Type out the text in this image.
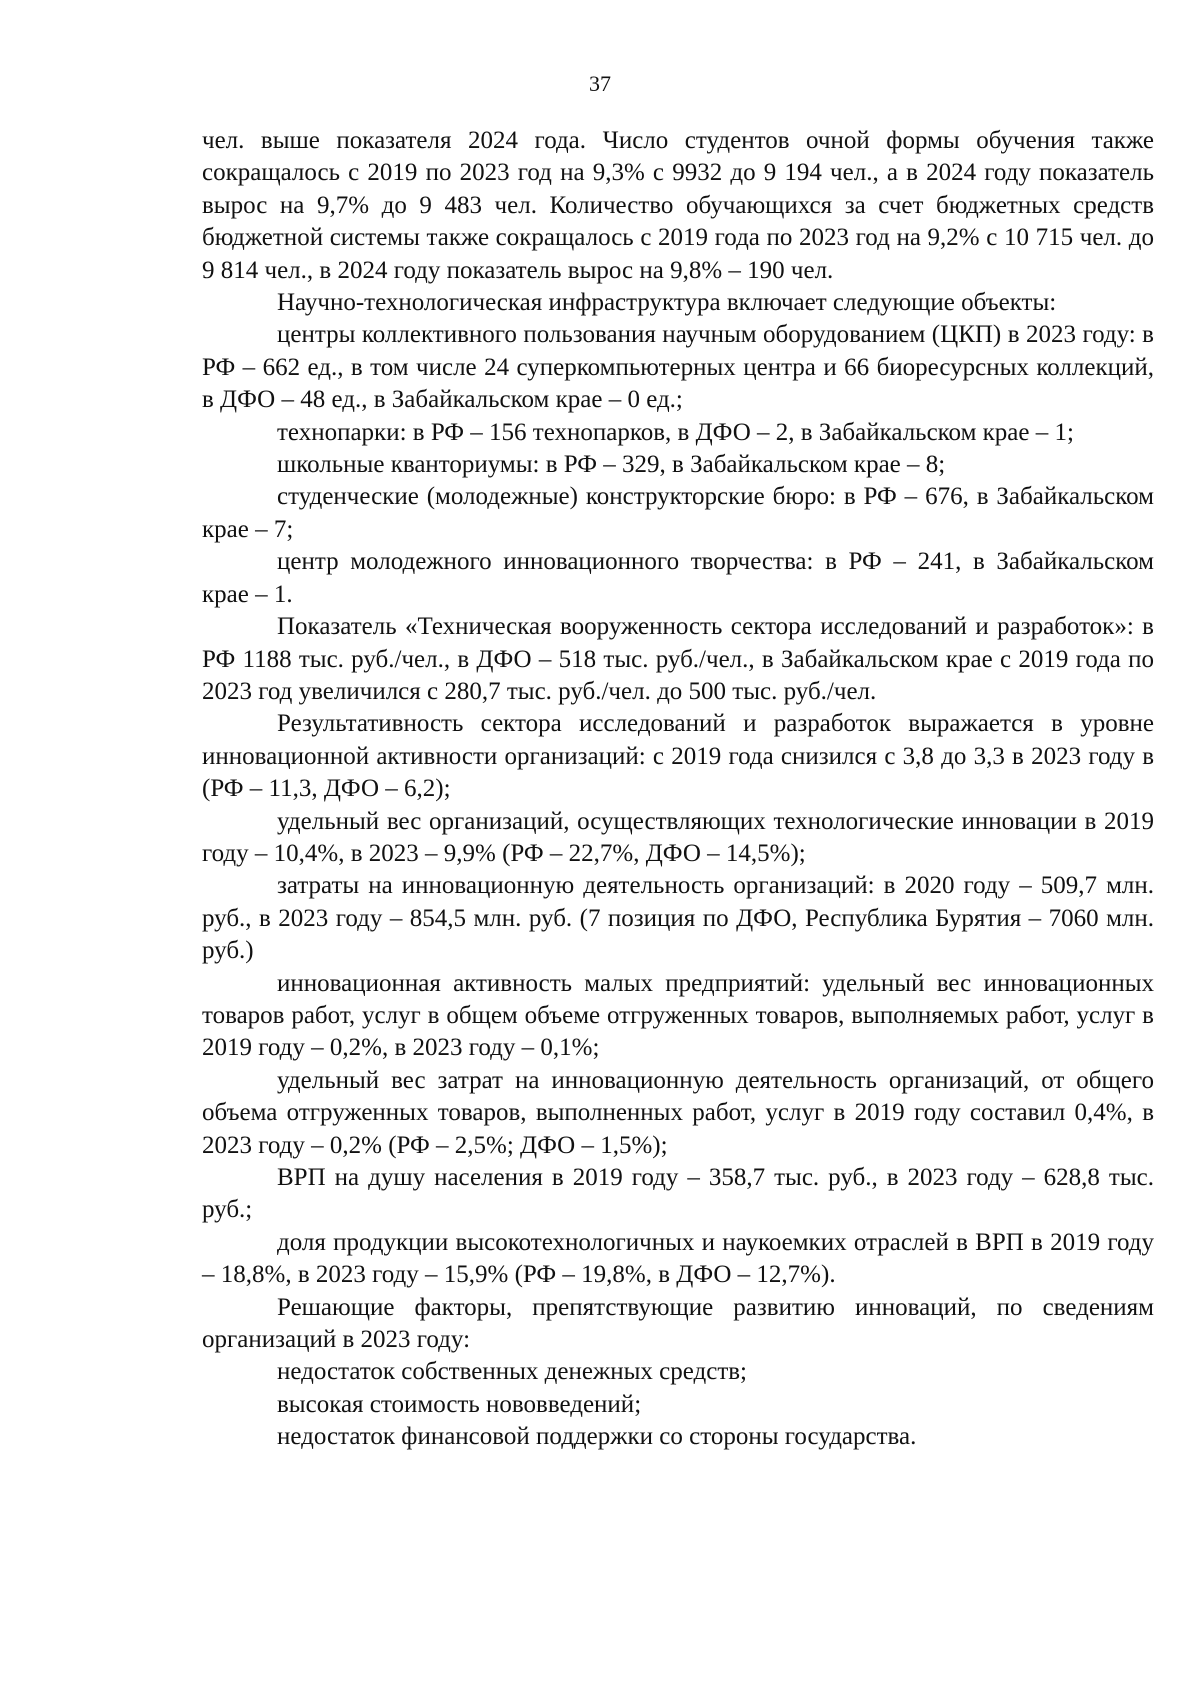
37

чел. выше показателя 2024 года. Число студентов очной формы обучения также сокращалось с 2019 по 2023 год на 9,3% с 9932 до 9 194 чел., а в 2024 году показатель вырос на 9,7% до 9 483 чел. Количество обучающихся за счет бюджетных средств бюджетной системы также сокращалось с 2019 года по 2023 год на 9,2% с 10 715 чел. до 9 814 чел., в 2024 году показатель вырос на 9,8% – 190 чел.

Научно-технологическая инфраструктура включает следующие объекты:

центры коллективного пользования научным оборудованием (ЦКП) в 2023 году: в РФ – 662 ед., в том числе 24 суперкомпьютерных центра и 66 биоресурсных коллекций, в ДФО – 48 ед., в Забайкальском крае – 0 ед.;

технопарки: в РФ – 156 технопарков, в ДФО – 2, в Забайкальском крае – 1;

школьные кванториумы: в РФ – 329, в Забайкальском крае – 8;

студенческие (молодежные) конструкторские бюро: в РФ – 676, в Забайкальском крае – 7;

центр молодежного инновационного творчества: в РФ – 241, в Забайкальском крае – 1.

Показатель «Техническая вооруженность сектора исследований и разработок»: в РФ 1188 тыс. руб./чел., в ДФО – 518 тыс. руб./чел., в Забайкальском крае с 2019 года по 2023 год увеличился с 280,7 тыс. руб./чел. до 500 тыс. руб./чел.

Результативность сектора исследований и разработок выражается в уровне инновационной активности организаций: с 2019 года снизился с 3,8 до 3,3 в 2023 году в (РФ – 11,3, ДФО – 6,2);

удельный вес организаций, осуществляющих технологические инновации в 2019 году – 10,4%, в 2023 – 9,9% (РФ – 22,7%, ДФО – 14,5%);

затраты на инновационную деятельность организаций: в 2020 году – 509,7 млн. руб., в 2023 году – 854,5 млн. руб. (7 позиция по ДФО, Республика Бурятия – 7060 млн. руб.)

инновационная активность малых предприятий: удельный вес инновационных товаров работ, услуг в общем объеме отгруженных товаров, выполняемых работ, услуг в 2019 году – 0,2%, в 2023 году – 0,1%;

удельный вес затрат на инновационную деятельность организаций, от общего объема отгруженных товаров, выполненных работ, услуг в 2019 году составил 0,4%, в 2023 году – 0,2% (РФ – 2,5%; ДФО – 1,5%);

ВРП на душу населения в 2019 году – 358,7 тыс. руб., в 2023 году – 628,8 тыс. руб.;

доля продукции высокотехнологичных и наукоемких отраслей в ВРП в 2019 году – 18,8%, в 2023 году – 15,9% (РФ – 19,8%, в ДФО – 12,7%).

Решающие факторы, препятствующие развитию инноваций, по сведениям организаций в 2023 году:

недостаток собственных денежных средств;

высокая стоимость нововведений;

недостаток финансовой поддержки со стороны государства.
